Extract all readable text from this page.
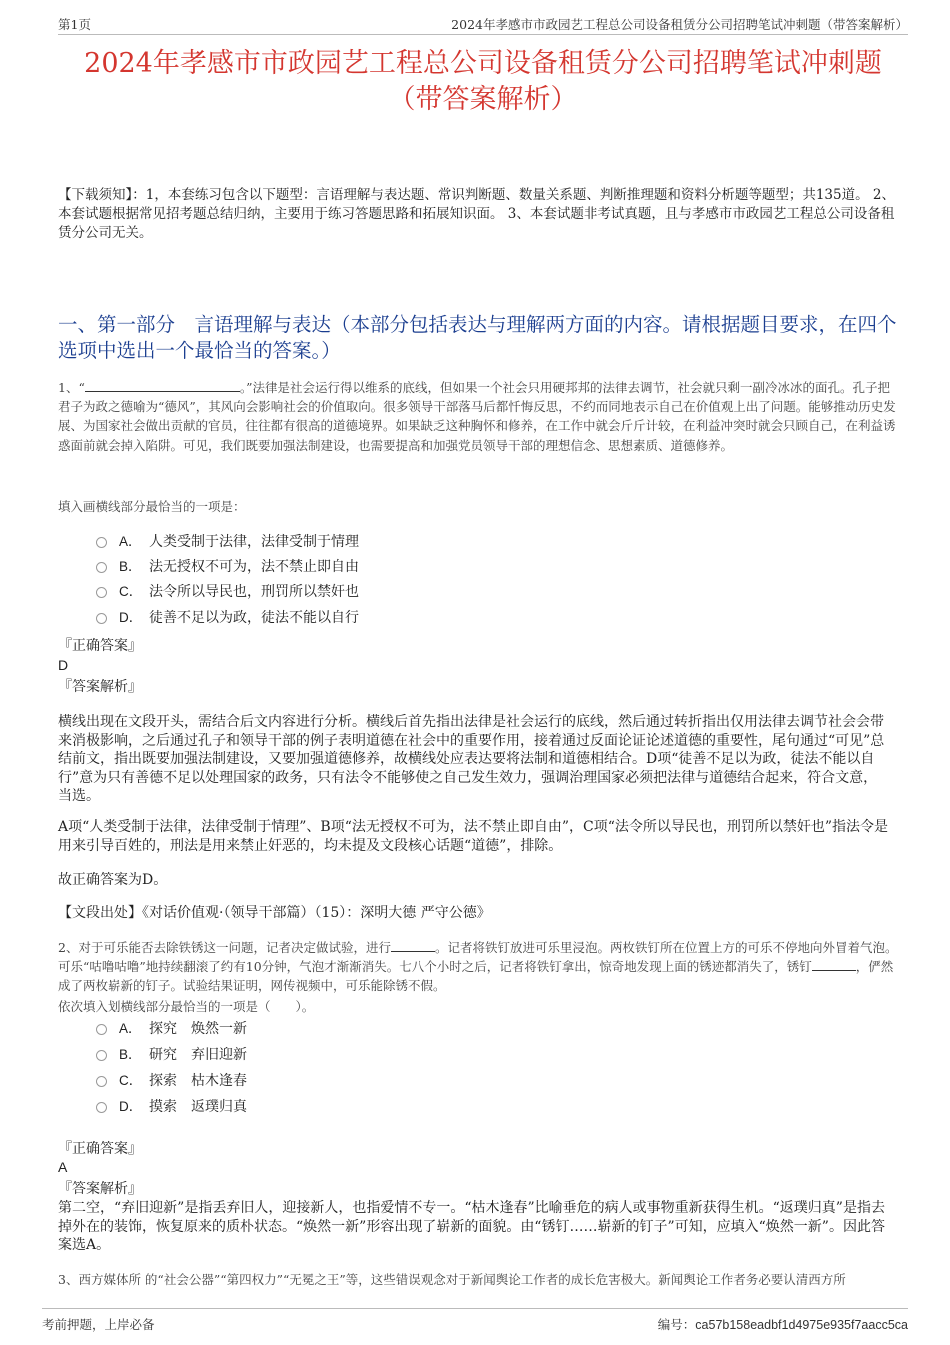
第1页	2024年孝感市市政园艺工程总公司设备租赁分公司招聘笔试冲刺题（带答案解析）
2024年孝感市市政园艺工程总公司设备租赁分公司招聘笔试冲刺题（带答案解析）
【下载须知】：1，本套练习包含以下题型：言语理解与表达题、常识判断题、数量关系题、判断推理题和资料分析题等题型；共135道。 2、本套试题根据常见招考题总结归纳，主要用于练习答题思路和拓展知识面。 3、本套试题非考试真题，且与孝感市市政园艺工程总公司设备租赁分公司无关。
一、第一部分　言语理解与表达（本部分包括表达与理解两方面的内容。请根据题目要求，在四个选项中选出一个最恰当的答案。）
1、“	。”法律是社会运行得以维系的底线，但如果一个社会只用硬邦邦的法律去调节，社会就只剩一副冷冰冰的面孔。孔子把君子为政之德喻为“德风”，其风向会影响社会的价值取向。很多领导干部落马后都忏悔反思，不约而同地表示自己在价值观上出了问题。能够推动历史发展、为国家社会做出贡献的官员，往往都有很高的道德境界。如果缺乏这种胸怀和修养，在工作中就会斤斤计较，在利益冲突时就会只顾自己，在利益诱惑面前就会掉入陷阱。可见，我们既要加强法制建设，也需要提高和加强党员领导干部的理想信念、思想素质、道德修养。
填入画横线部分最恰当的一项是：
A． 人类受制于法律，法律受制于情理
B． 法无授权不可为，法不禁止即自由
C． 法令所以导民也，刑罚所以禁奸也
D． 徒善不足以为政，徒法不能以自行
『正确答案』
D
『答案解析』
横线出现在文段开头，需结合后文内容进行分析。横线后首先指出法律是社会运行的底线，然后通过转折指出仅用法律去调节社会会带来消极影响，之后通过孔子和领导干部的例子表明道德在社会中的重要作用，接着通过反面论证论述道德的重要性，尾句通过“可见”总结前文，指出既要加强法制建设，又要加强道德修养，故横线处应表达要将法制和道德相结合。D项“徒善不足以为政，徒法不能以自行”意为只有善德不足以处理国家的政务，只有法令不能够使之自己发生效力，强调治理国家必须把法律与道德结合起来，符合文意，当选。
A项“人类受制于法律，法律受制于情理”、B项“法无授权不可为，法不禁止即自由”，C项“法令所以导民也，刑罚所以禁奸也”指法令是用来引导百姓的，刑法是用来禁止奸恶的，均未提及文段核心话题“道德”，排除。
故正确答案为D。
【文段出处】《对话价值观·（领导干部篇）（15）：深明大德 严守公德》
2、对于可乐能否去除铁锈这一问题，记者决定做试验，进行	。记者将铁钉放进可乐里浸泡。两枚铁钉所在位置上方的可乐不停地向外冒着气泡。可乐“咕噜咕噜”地持续翻滚了约有10分钟，气泡才渐渐消失。七八个小时之后，记者将铁钉拿出，惊奇地发现上面的锈迹都消失了，锈钉	，俨然成了两枚崭新的钉子。试验结果证明，网传视频中，可乐能除锈不假。
依次填入划横线部分最恰当的一项是（　　）。
A． 探究　焕然一新
B． 研究　弃旧迎新
C． 探索　枯木逢春
D． 摸索　返璞归真
『正确答案』
A
『答案解析』
第二空，“弃旧迎新”是指丢弃旧人，迎接新人，也指爱情不专一。“枯木逢春”比喻垂危的病人或事物重新获得生机。“返璞归真”是指去掉外在的装饰，恢复原来的质朴状态。“焕然一新”形容出现了崭新的面貌。由“锈钉……崭新的钉子”可知，应填入“焕然一新”。因此答案选A。
3、西方媒体所 的“社会公器”“第四权力”“无冕之王”等，这些错误观念对于新闻舆论工作者的成长危害极大。新闻舆论工作者务必要认清西方所
考前押题，上岸必备	编号：ca57b158eadbf1d4975e935f7aacc5ca
